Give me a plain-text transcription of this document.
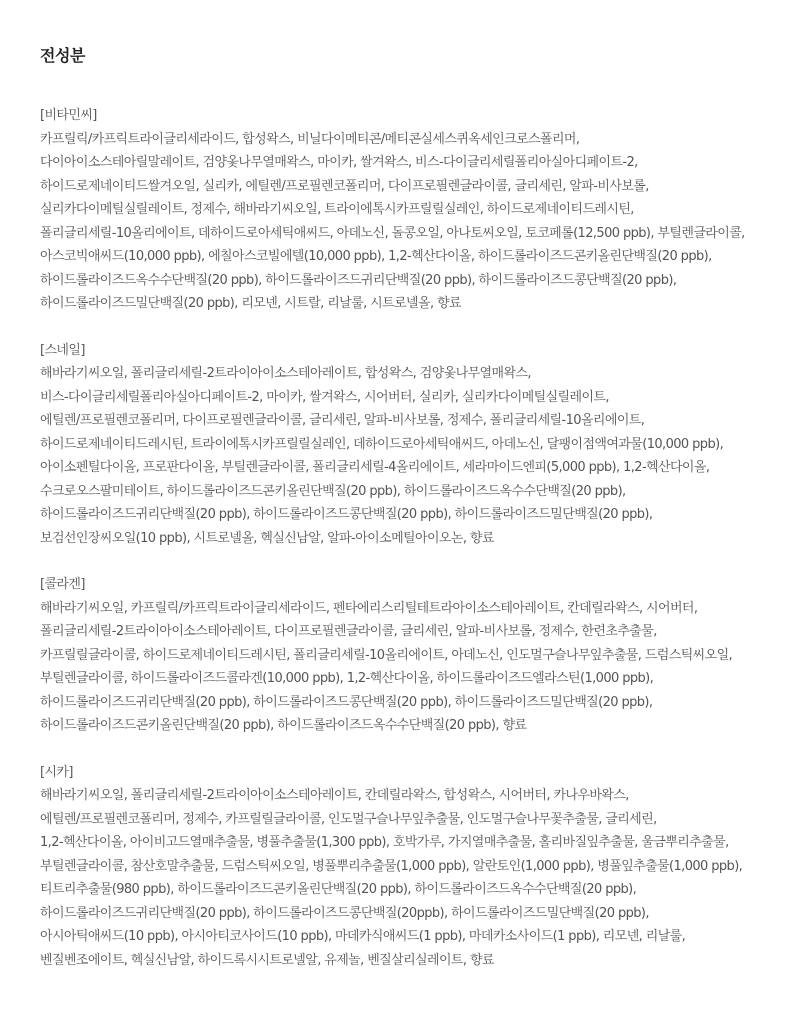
전성분
[비타민씨]
카프릴릭/카프릭트라이글리세라이드, 합성왁스, 비닐다이메티콘/메티콘실세스퀴옥세인크로스폴리머,
다이아이소스테아릴말레이트, 검양옻나무열매왁스, 마이카, 쌀겨왁스, 비스-다이글리세릴폴리아실아디페이트-2,
하이드로제네이티드쌀겨오일, 실리카, 에틸렌/프로필렌코폴리머, 다이프로필렌글라이콜, 글리세린, 알파-비사보롤,
실리카다이메틸실릴레이트, 정제수, 해바라기씨오일, 트라이에톡시카프릴릴실레인, 하이드로제네이티드레시틴,
폴리글리세릴-10올리에이트, 데하이드로아세틱애씨드, 아데노신, 돌콩오일, 아나토씨오일, 토코페롤(12,500 ppb), 부틸렌글라이콜,
아스코빅애씨드(10,000 ppb), 에칠아스코빌에텔(10,000 ppb), 1,2-헥산다이올, 하이드롤라이즈드콘키올린단백질(20 ppb),
하이드롤라이즈드옥수수단백질(20 ppb), 하이드롤라이즈드귀리단백질(20 ppb), 하이드롤라이즈드콩단백질(20 ppb),
하이드롤라이즈드밀단백질(20 ppb), 리모넨, 시트랄, 리날룰, 시트로넬올, 향료
[스네일]
해바라기씨오일, 폴리글리세릴-2트라이아이소스테아레이트, 합성왁스, 검양옻나무열매왁스,
비스-다이글리세릴폴리아실아디페이트-2, 마이카, 쌀겨왁스, 시어버터, 실리카, 실리카다이메틸실릴레이트,
에틸렌/프로필렌코폴리머, 다이프로필렌글라이콜, 글리세린, 알파-비사보롤, 정제수, 폴리글리세릴-10올리에이트,
하이드로제네이티드레시틴, 트라이에톡시카프릴릴실레인, 데하이드로아세틱애씨드, 아데노신, 달팽이점액여과물(10,000 ppb),
아이소펜틸다이올, 프로판다이올, 부틸렌글라이콜, 폴리글리세릴-4올리에이트, 세라마이드엔피(5,000 ppb), 1,2-헥산다이올,
수크로오스팔미테이트, 하이드롤라이즈드콘키올린단백질(20 ppb), 하이드롤라이즈드옥수수단백질(20 ppb),
하이드롤라이즈드귀리단백질(20 ppb), 하이드롤라이즈드콩단백질(20 ppb), 하이드롤라이즈드밀단백질(20 ppb),
보검선인장씨오일(10 ppb), 시트로넬올, 헥실신남알, 알파-아이소메틸아이오논, 향료
[콜라겐]
해바라기씨오일, 카프릴릭/카프릭트라이글리세라이드, 펜타에리스리틸테트라아이소스테아레이트, 칸데릴라왁스, 시어버터,
폴리글리세릴-2트라이아이소스테아레이트, 다이프로필렌글라이콜, 글리세린, 알파-비사보롤, 정제수, 한련초추출물,
카프릴릴글라이콜, 하이드로제네이티드레시틴, 폴리글리세릴-10올리에이트, 아데노신, 인도멀구슬나무잎추출물, 드럼스틱씨오일,
부틸렌글라이콜, 하이드롤라이즈드콜라겐(10,000 ppb), 1,2-헥산다이올, 하이드롤라이즈드엘라스틴(1,000 ppb),
하이드롤라이즈드귀리단백질(20 ppb), 하이드롤라이즈드콩단백질(20 ppb), 하이드롤라이즈드밀단백질(20 ppb),
하이드롤라이즈드콘키올린단백질(20 ppb), 하이드롤라이즈드옥수수단백질(20 ppb), 향료
[시카]
해바라기씨오일, 폴리글리세릴-2트라이아이소스테아레이트, 칸데릴라왁스, 합성왁스, 시어버터, 카나우바왁스,
에틸렌/프로필렌코폴리머, 정제수, 카프릴릴글라이콜, 인도멀구슬나무잎추출물, 인도멀구슬나무꽃추출물, 글리세린,
1,2-헥산다이올, 아이비고드열매추출물, 병풀추출물(1,300 ppb), 호박가루, 가지열매추출물, 홀리바질잎추출물, 울금뿌리추출물,
부틸렌글라이콜, 참산호말추출물, 드럼스틱씨오일, 병풀뿌리추출물(1,000 ppb), 알란토인(1,000 ppb), 병풀잎추출물(1,000 ppb),
티트리추출물(980 ppb), 하이드롤라이즈드콘키올린단백질(20 ppb), 하이드롤라이즈드옥수수단백질(20 ppb),
하이드롤라이즈드귀리단백질(20 ppb), 하이드롤라이즈드콩단백질(20ppb), 하이드롤라이즈드밀단백질(20 ppb),
아시아틱애씨드(10 ppb), 아시아티코사이드(10 ppb), 마데카식애씨드(1 ppb), 마데카소사이드(1 ppb), 리모넨, 리날룰,
벤질벤조에이트, 헥실신남알, 하이드록시시트로넬알, 유제놀, 벤질살리실레이트, 향료
